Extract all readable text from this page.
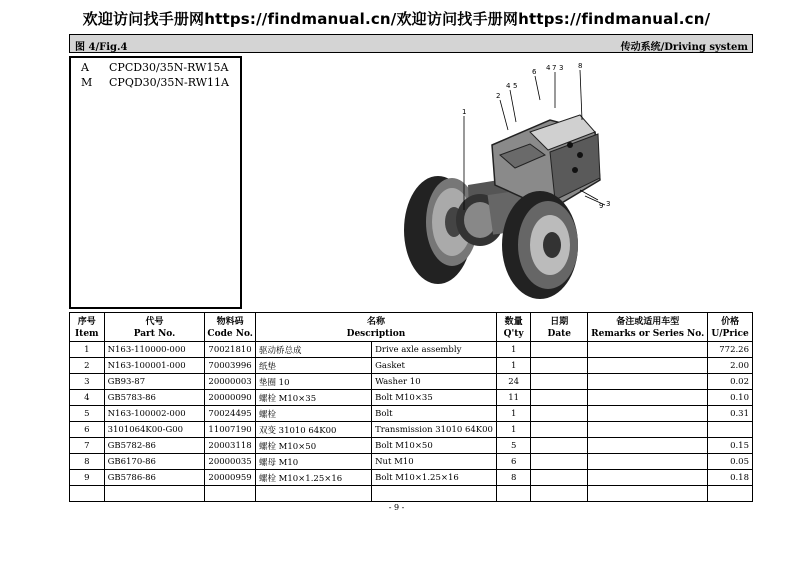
欢迎访问找手册网https://findmanual.cn/欢迎访问找手册网https://findmanual.cn/
图 4/Fig.4	传动系统/Driving system
A CPCD30/35N-RW15A
M CPQD30/35N-RW11A
1
2
4 5
6 4 7 3 8
9 3
序号	代号	物料码	名称		数量	日期	备注或适用车型	价格
Item	Part No.	Code No.	Description		Q'ty	Date	Remarks or Series No.	U/Price
1	N163-110000-000	70021810	驱动桥总成	Drive axle assembly	1			772.26
2	N163-100001-000	70003996	纸垫	Gasket	1			2.00
3	GB93-87	20000003	垫圈 10	Washer 10	24			0.02
4	GB5783-86	20000090	螺栓 M10×35	Bolt M10×35	11			0.10
5	N163-100002-000	70024495	螺栓	Bolt	1			0.31
6	3101064K00-G00	11007190	双变 31010 64K00	Transmission 31010 64K00	1			
7	GB5782-86	20003118	螺栓 M10×50	Bolt M10×50	5			0.15
8	GB6170-86	20000035	螺母 M10	Nut M10	6			0.05
9	GB5786-86	20000959	螺栓 M10×1.25×16	Bolt M10×1.25×16	8			0.18

- 9 -
